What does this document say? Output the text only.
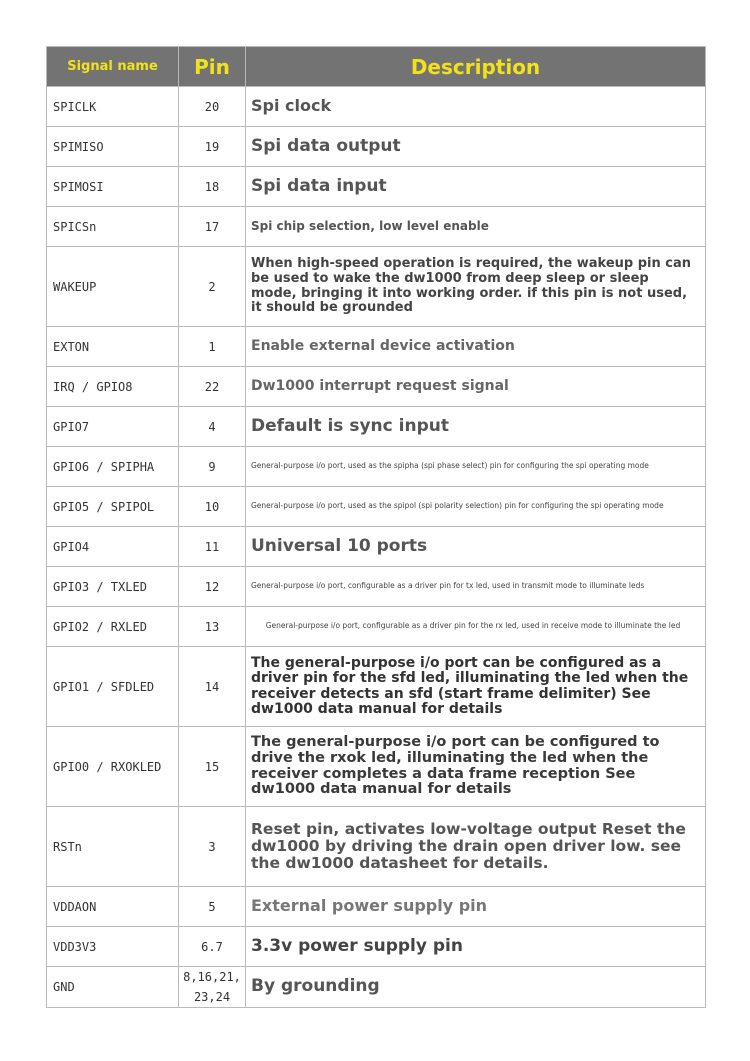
Signal name	Pin	Description
SPICLK	20	Spi clock
SPIMISO	19	Spi data output
SPIMOSI	18	Spi data input
SPICSn	17	Spi chip selection, low level enable
WAKEUP	2	When high-speed operation is required, the wakeup pin can be used to wake the dw1000 from deep sleep or sleep mode, bringing it into working order. if this pin is not used, it should be grounded
EXTON	1	Enable external device activation
IRQ / GPIO8	22	Dw1000 interrupt request signal
GPIO7	4	Default is sync input
GPIO6 / SPIPHA	9	General-purpose i/o port, used as the spipha (spi phase select) pin for configuring the spi operating mode
GPIO5 / SPIPOL	10	General-purpose i/o port, used as the spipol (spi polarity selection) pin for configuring the spi operating mode
GPIO4	11	Universal 10 ports
GPIO3 / TXLED	12	General-purpose i/o port, configurable as a driver pin for tx led, used in transmit mode to illuminate leds
GPIO2 / RXLED	13	General-purpose i/o port, configurable as a driver pin for the rx led, used in receive mode to illuminate the led
GPIO1 / SFDLED	14	The general-purpose i/o port can be configured as a driver pin for the sfd led, illuminating the led when the receiver detects an sfd (start frame delimiter) See dw1000 data manual for details
GPIO0 / RXOKLED	15	The general-purpose i/o port can be configured to drive the rxok led, illuminating the led when the receiver completes a data frame reception See dw1000 data manual for details
RSTn	3	Reset pin, activates low-voltage output Reset the dw1000 by driving the drain open driver low. see the dw1000 datasheet for details.
VDDAON	5	External power supply pin
VDD3V3	6.7	3.3v power supply pin
GND	8,16,21,23,24	By grounding
